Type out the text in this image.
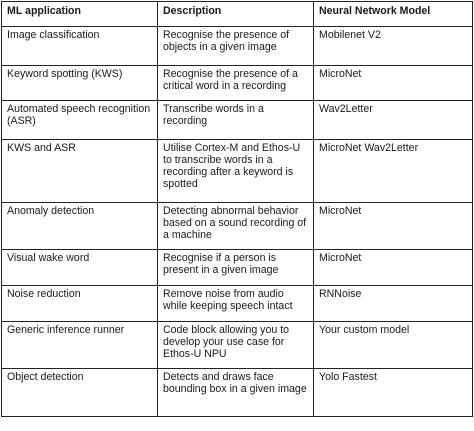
ML application	Description	Neural Network Model
Image classification	Recognise the presence of objects in a given image	Mobilenet V2
Keyword spotting (KWS)	Recognise the presence of a critical word in a recording	MicroNet
Automated speech recognition (ASR)	Transcribe words in a recording	Wav2Letter
KWS and ASR	Utilise Cortex-M and Ethos-U to transcribe words in a recording after a keyword is spotted	MicroNet Wav2Letter
Anomaly detection	Detecting abnormal behavior based on a sound recording of a machine	MicroNet
Visual wake word	Recognise if a person is present in a given image	MicroNet
Noise reduction	Remove noise from audio while keeping speech intact	RNNoise
Generic inference runner	Code block allowing you to develop your use case for Ethos-U NPU	Your custom model
Object detection	Detects and draws face bounding box in a given image	Yolo Fastest
